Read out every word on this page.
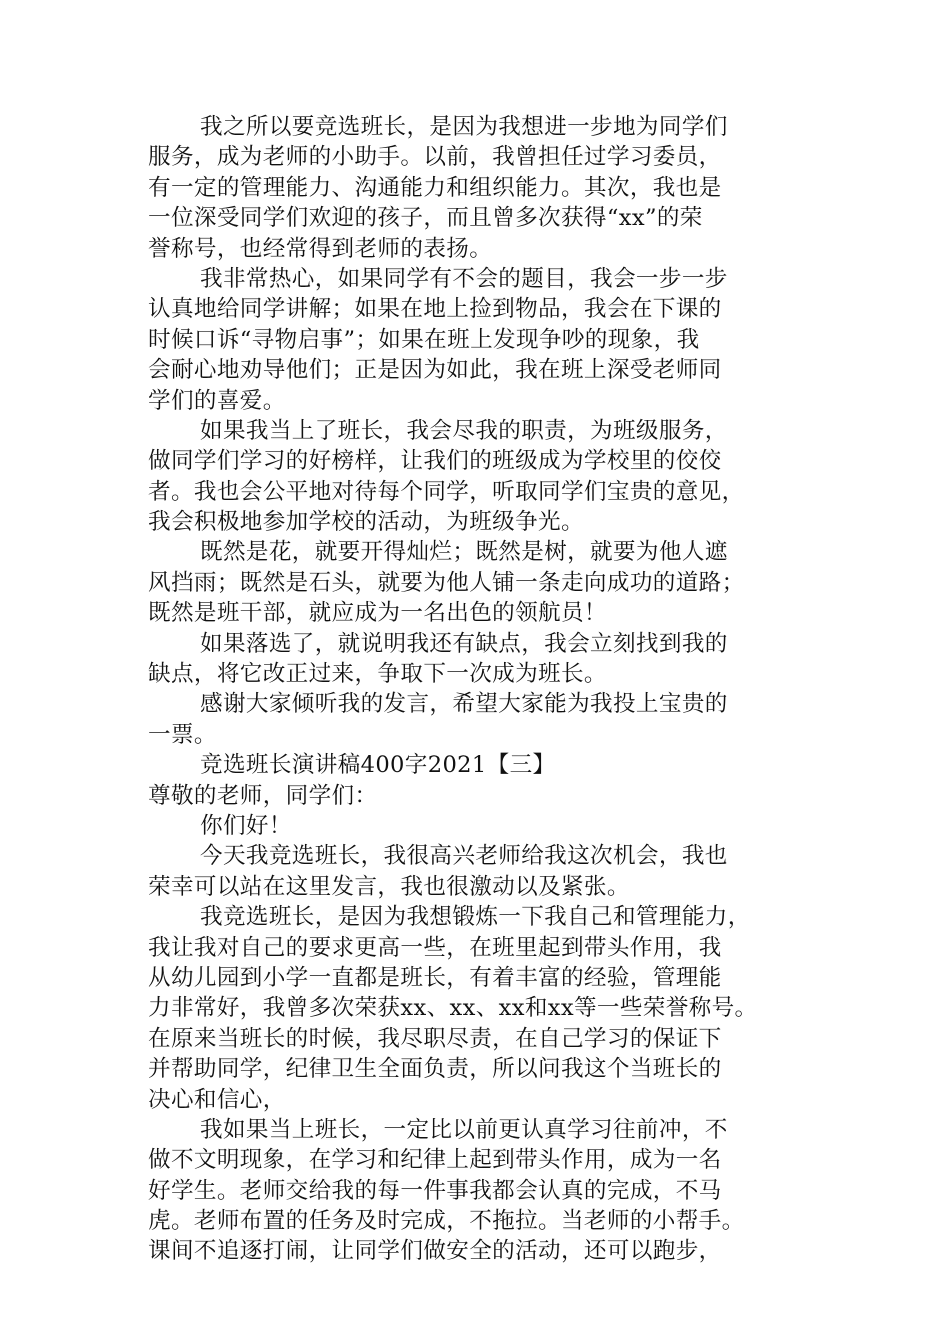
我之所以要竞选班长，是因为我想进一步地为同学们
服务，成为老师的小助手。以前，我曾担任过学习委员，
有一定的管理能力、沟通能力和组织能力。其次，我也是
一位深受同学们欢迎的孩子，而且曾多次获得“xx”的荣
誉称号，也经常得到老师的表扬。
我非常热心，如果同学有不会的题目，我会一步一步
认真地给同学讲解；如果在地上捡到物品，我会在下课的
时候口诉“寻物启事”；如果在班上发现争吵的现象，我
会耐心地劝导他们；正是因为如此，我在班上深受老师同
学们的喜爱。
如果我当上了班长，我会尽我的职责，为班级服务，
做同学们学习的好榜样，让我们的班级成为学校里的佼佼
者。我也会公平地对待每个同学，听取同学们宝贵的意见，
我会积极地参加学校的活动，为班级争光。
既然是花，就要开得灿烂；既然是树，就要为他人遮
风挡雨；既然是石头，就要为他人铺一条走向成功的道路；
既然是班干部，就应成为一名出色的领航员！
如果落选了，就说明我还有缺点，我会立刻找到我的
缺点，将它改正过来，争取下一次成为班长。
感谢大家倾听我的发言，希望大家能为我投上宝贵的
一票。
竞选班长演讲稿400字2021【三】
尊敬的老师，同学们：
你们好！
今天我竞选班长，我很高兴老师给我这次机会，我也
荣幸可以站在这里发言，我也很激动以及紧张。
我竞选班长，是因为我想锻炼一下我自己和管理能力，
我让我对自己的要求更高一些，在班里起到带头作用，我
从幼儿园到小学一直都是班长，有着丰富的经验，管理能
力非常好，我曾多次荣获xx、xx、xx和xx等一些荣誉称号。
在原来当班长的时候，我尽职尽责，在自己学习的保证下
并帮助同学，纪律卫生全面负责，所以问我这个当班长的
决心和信心，
我如果当上班长，一定比以前更认真学习往前冲，不
做不文明现象，在学习和纪律上起到带头作用，成为一名
好学生。老师交给我的每一件事我都会认真的完成，不马
虎。老师布置的任务及时完成，不拖拉。当老师的小帮手。
课间不追逐打闹，让同学们做安全的活动，还可以跑步，
